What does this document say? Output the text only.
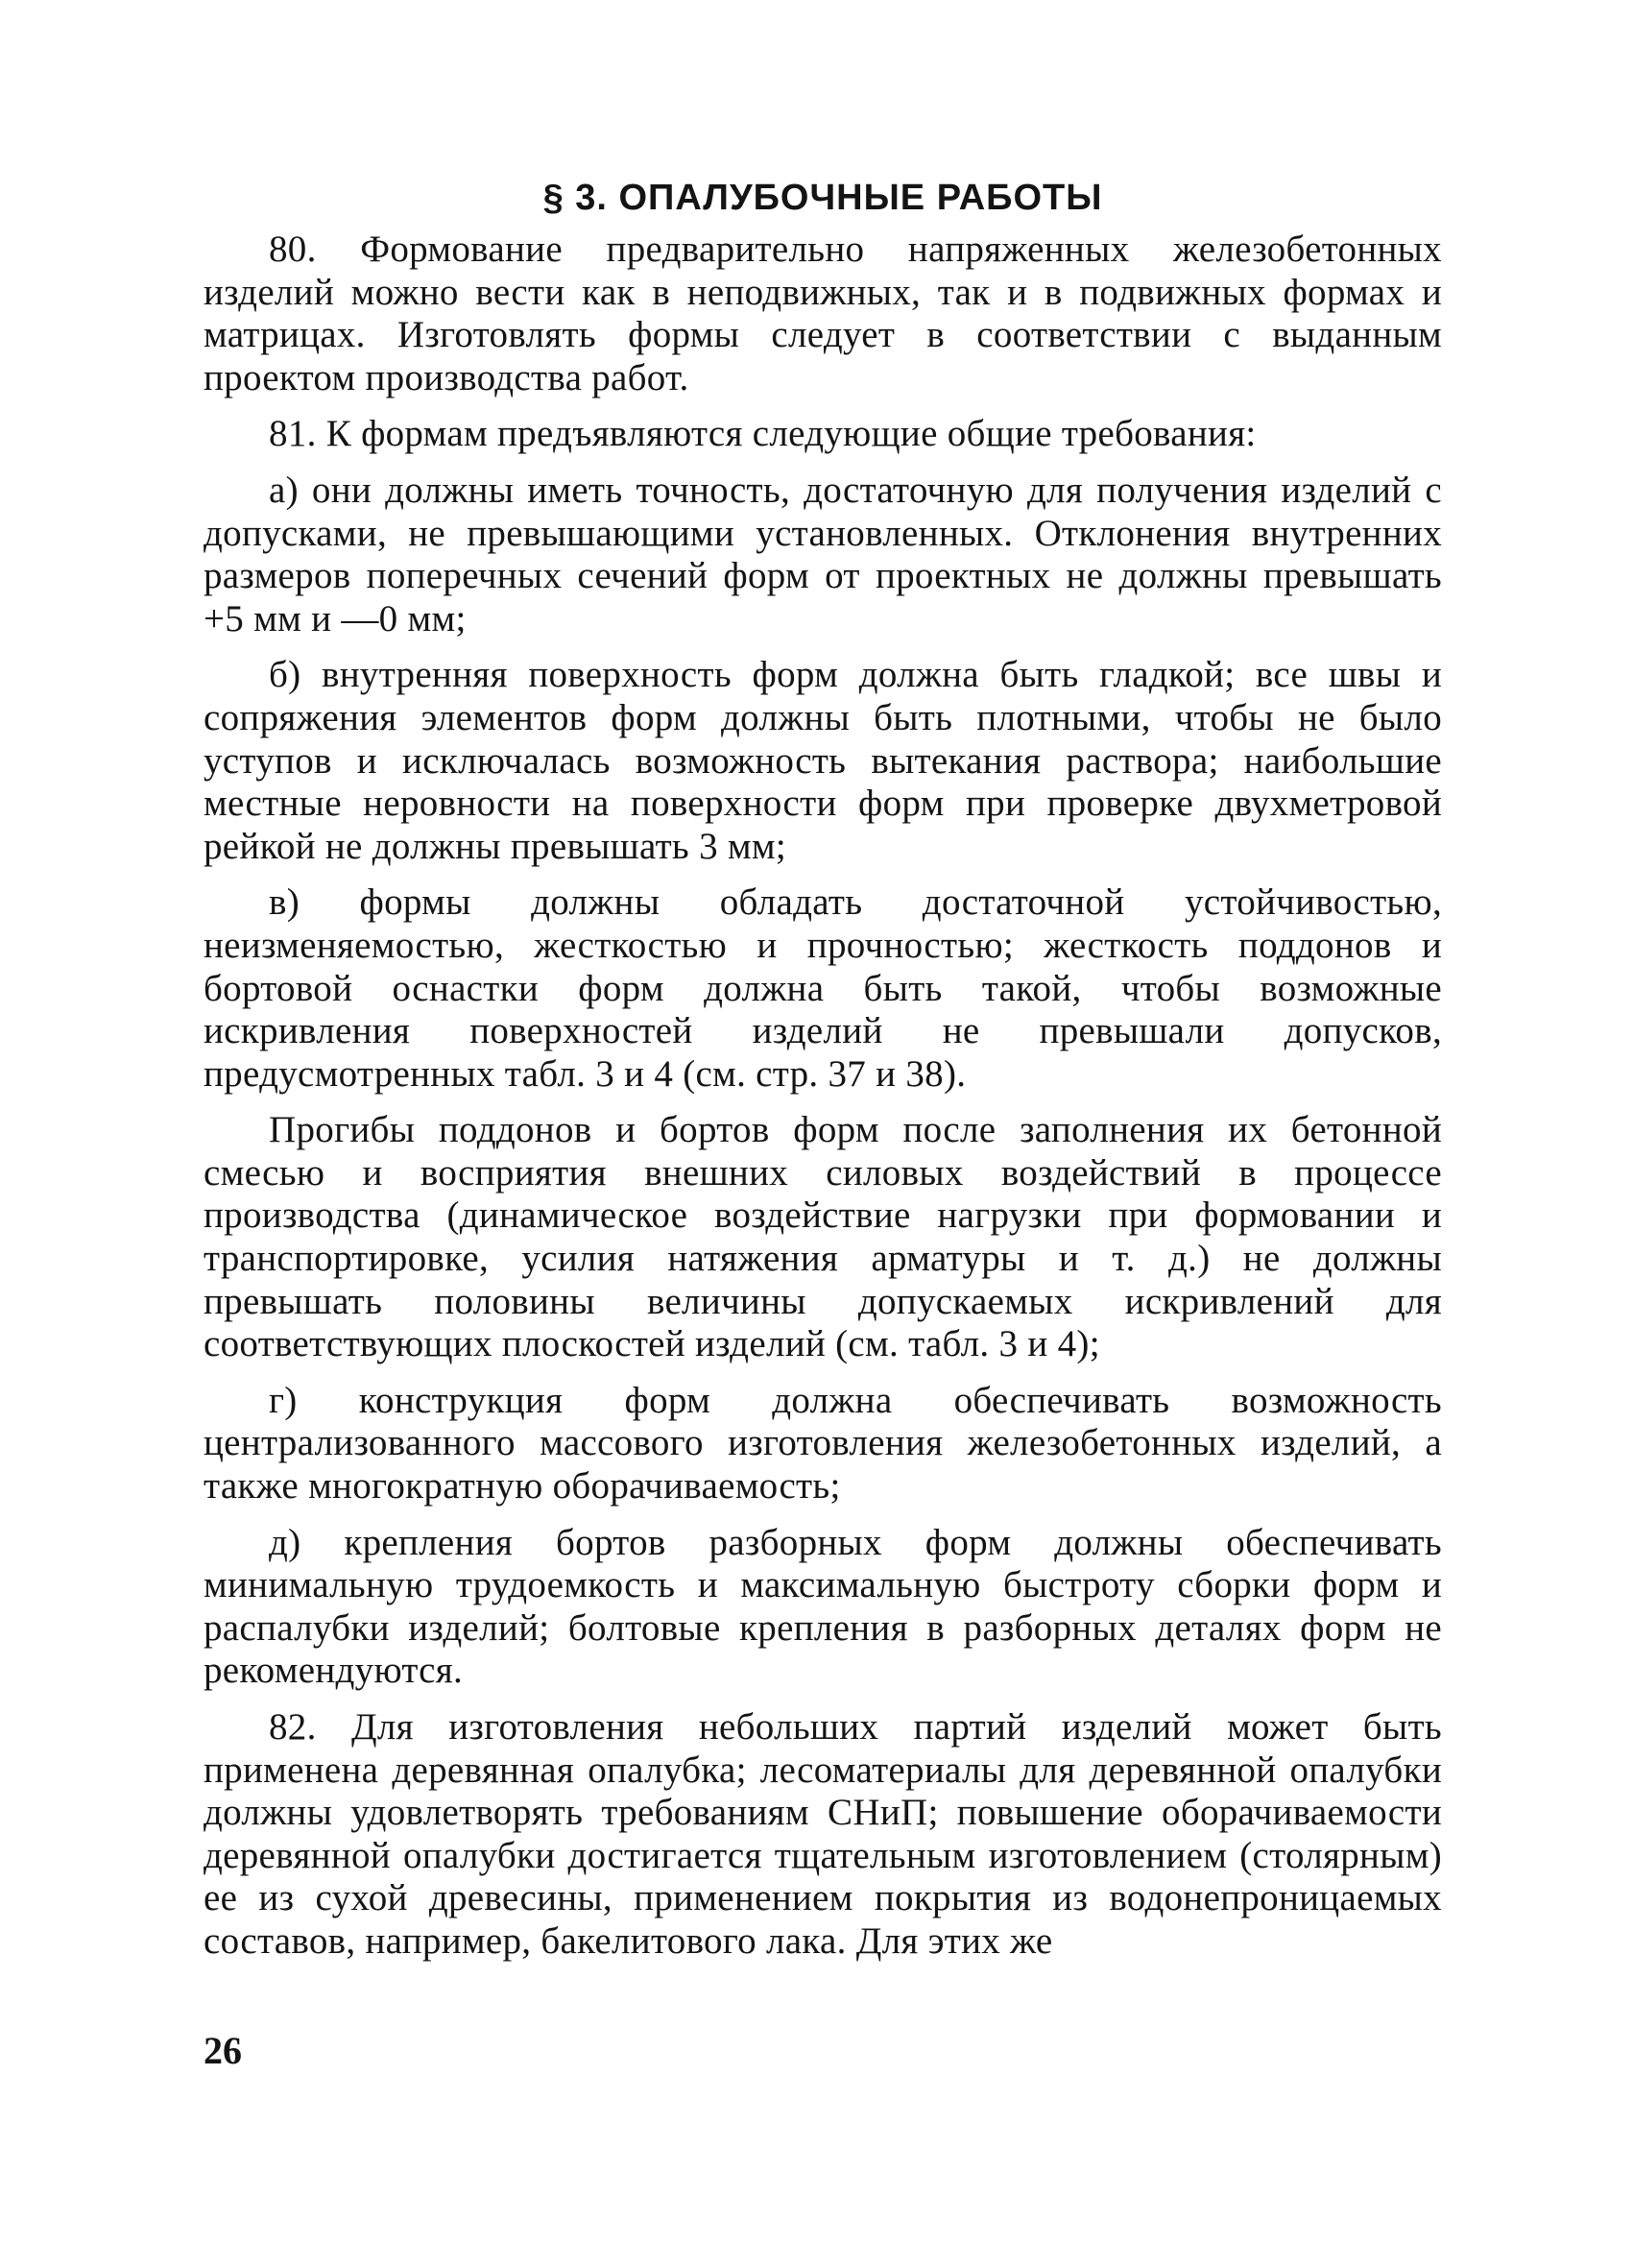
§ 3. ОПАЛУБОЧНЫЕ РАБОТЫ

80. Формование предварительно напряженных железобетонных изделий можно вести как в неподвижных, так и в подвижных формах и матрицах. Изготовлять формы следует в соответствии с выданным проектом производства работ.

81. К формам предъявляются следующие общие требования:

а) они должны иметь точность, достаточную для получения изделий с допусками, не превышающими установленных. Отклонения внутренних размеров поперечных сечений форм от проектных не должны превышать +5 мм и —0 мм;

б) внутренняя поверхность форм должна быть гладкой; все швы и сопряжения элементов форм должны быть плотными, чтобы не было уступов и исключалась возможность вытекания раствора; наибольшие местные неровности на поверхности форм при проверке двухметровой рейкой не должны превышать 3 мм;

в) формы должны обладать достаточной устойчивостью, неизменяемостью, жесткостью и прочностью; жесткость поддонов и бортовой оснастки форм должна быть такой, чтобы возможные искривления поверхностей изделий не превышали допусков, предусмотренных табл. 3 и 4 (см. стр. 37 и 38).

Прогибы поддонов и бортов форм после заполнения их бетонной смесью и восприятия внешних силовых воздействий в процессе производства (динамическое воздействие нагрузки при формовании и транспортировке, усилия натяжения арматуры и т. д.) не должны превышать половины величины допускаемых искривлений для соответствующих плоскостей изделий (см. табл. 3 и 4);

г) конструкция форм должна обеспечивать возможность централизованного массового изготовления железобетонных изделий, а также многократную оборачиваемость;

д) крепления бортов разборных форм должны обеспечивать минимальную трудоемкость и максимальную быстроту сборки форм и распалубки изделий; болтовые крепления в разборных деталях форм не рекомендуются.

82. Для изготовления небольших партий изделий может быть применена деревянная опалубка; лесоматериалы для деревянной опалубки должны удовлетворять требованиям СНиП; повышение оборачиваемости деревянной опалубки достигается тщательным изготовлением (столярным) ее из сухой древесины, применением покрытия из водонепроницаемых составов, например, бакелитового лака. Для этих же

26
